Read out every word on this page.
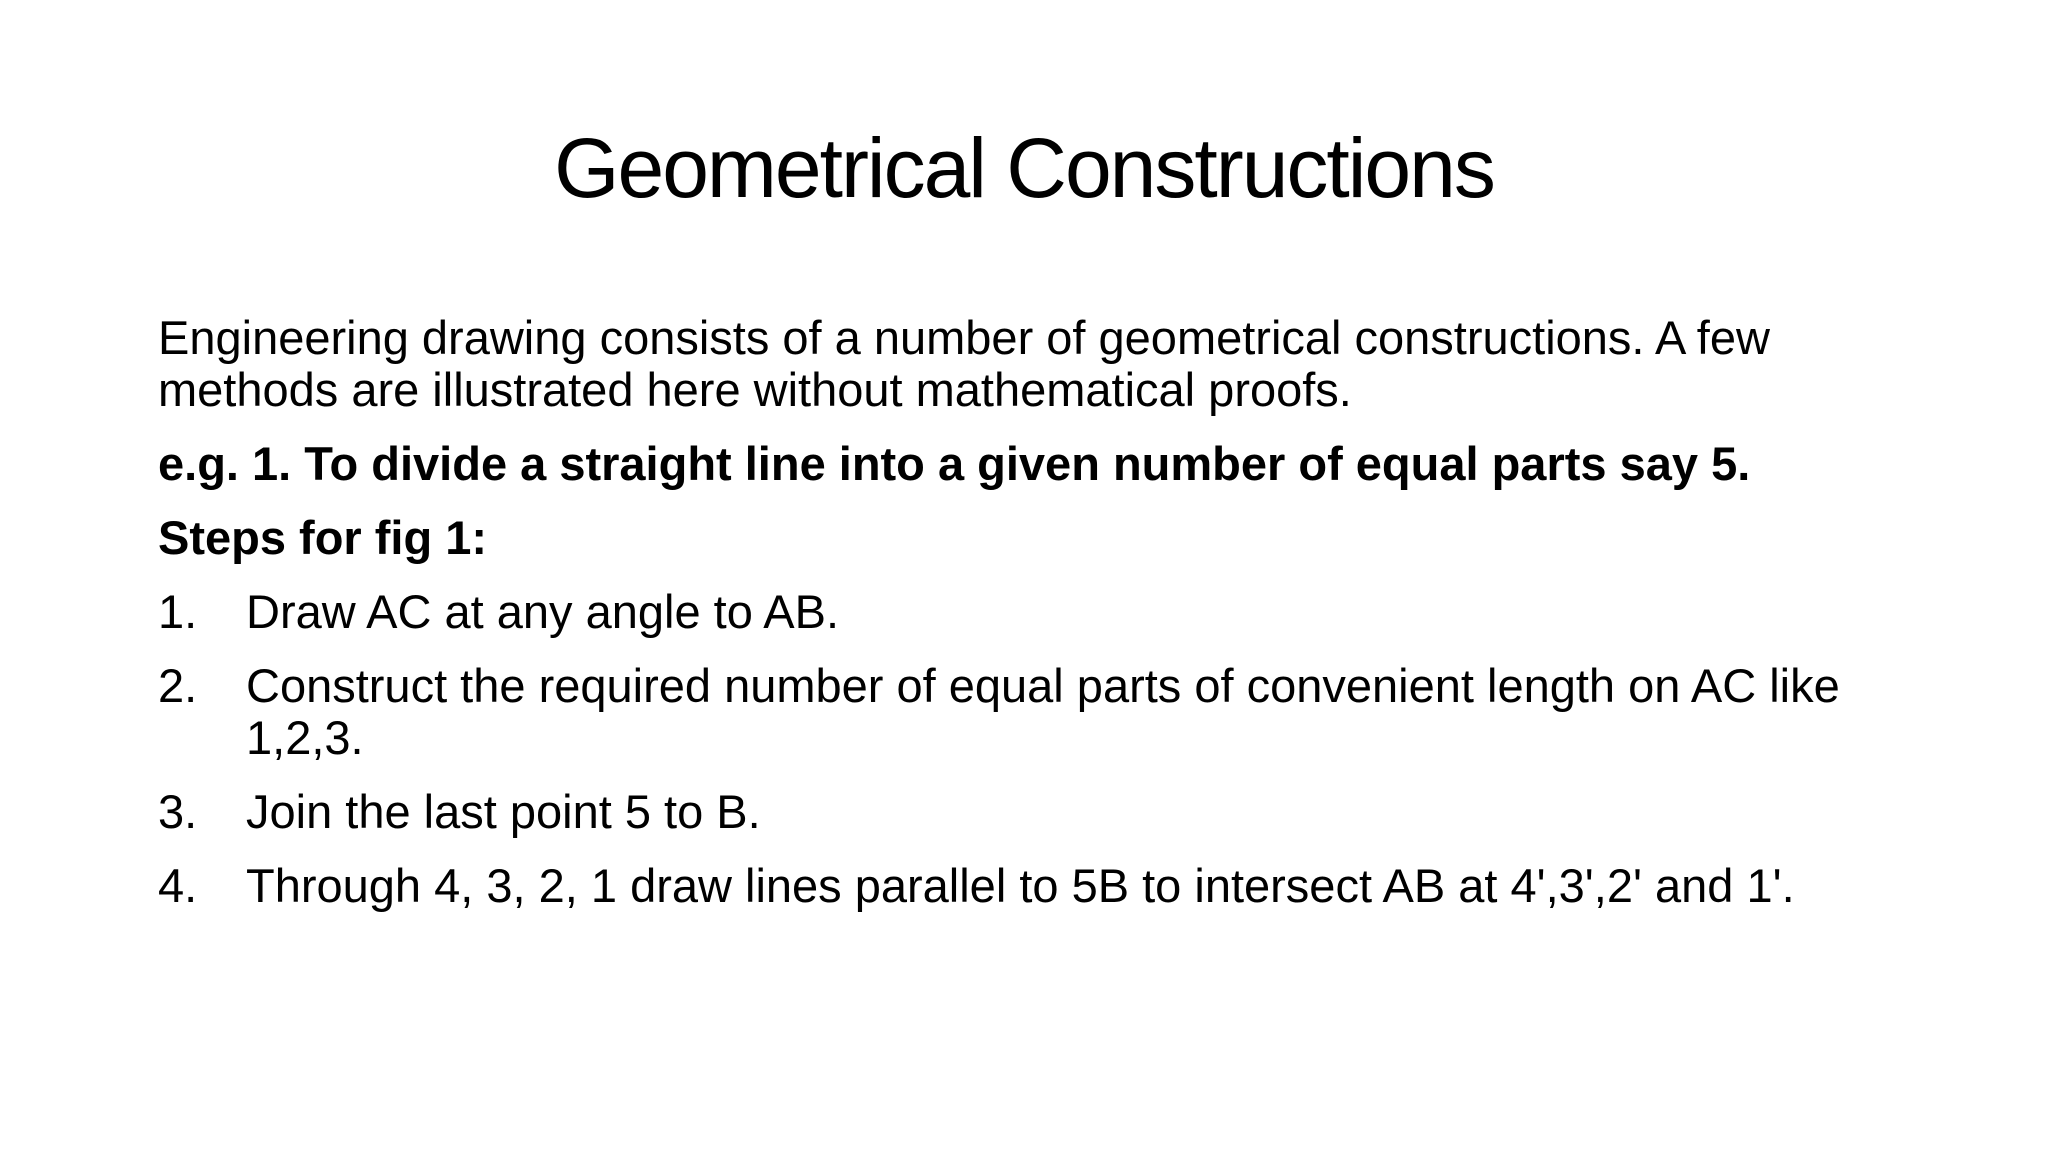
Geometrical Constructions

Engineering drawing consists of a number of geometrical constructions. A few methods are illustrated here without mathematical proofs.

e.g. 1. To divide a straight line into a given number of equal parts say 5.

Steps for fig 1:

1.	Draw AC at any angle to AB.
2.	Construct the required number of equal parts of convenient length on AC like 1,2,3.
3.	Join the last point 5 to B.
4.	Through 4, 3, 2, 1 draw lines parallel to 5B to intersect AB at 4',3',2' and 1'.
